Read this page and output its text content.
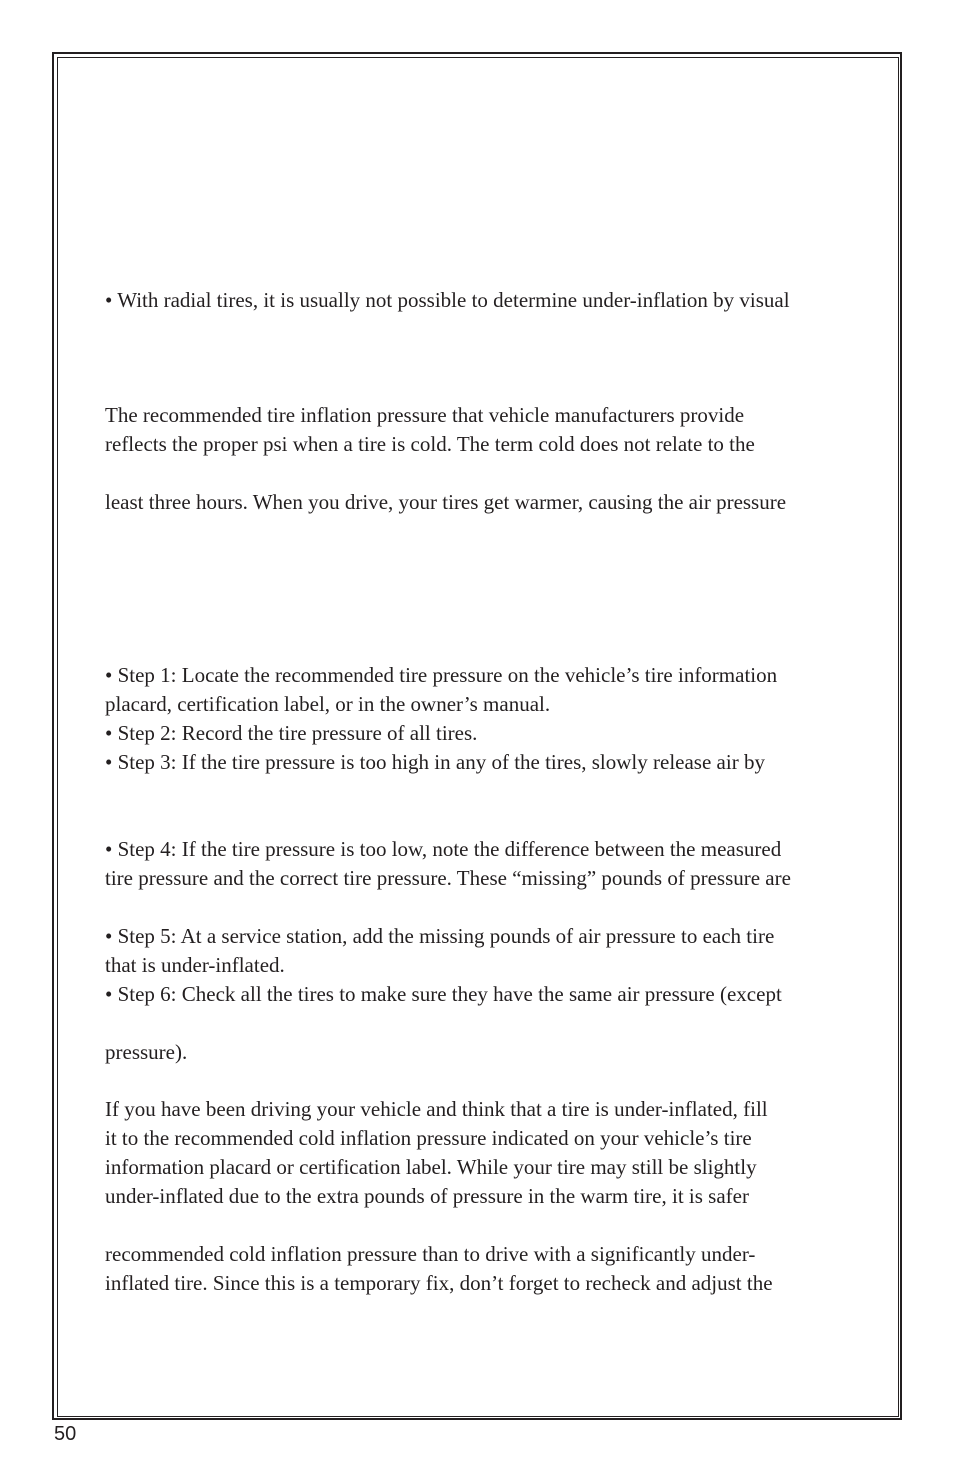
• With radial tires, it is usually not possible to determine under-inflation by visual
The recommended tire inflation pressure that vehicle manufacturers provide
reflects the proper psi when a tire is cold. The term cold does not relate to the
least three hours. When you drive, your tires get warmer, causing the air pressure
• Step 1: Locate the recommended tire pressure on the vehicle’s tire information
placard, certification label, or in the owner’s manual.
• Step 2: Record the tire pressure of all tires.
• Step 3: If the tire pressure is too high in any of the tires, slowly release air by
• Step 4: If the tire pressure is too low, note the difference between the measured
tire pressure and the correct tire pressure. These “missing” pounds of pressure are
• Step 5: At a service station, add the missing pounds of air pressure to each tire
that is under-inflated.
• Step 6: Check all the tires to make sure they have the same air pressure (except
pressure).
If you have been driving your vehicle and think that a tire is under-inflated, fill
it to the recommended cold inflation pressure indicated on your vehicle’s tire
information placard or certification label. While your tire may still be slightly
under-inflated due to the extra pounds of pressure in the warm tire, it is safer
recommended cold inflation pressure than to drive with a significantly under-
inflated tire. Since this is a temporary fix, don’t forget to recheck and adjust the
50
